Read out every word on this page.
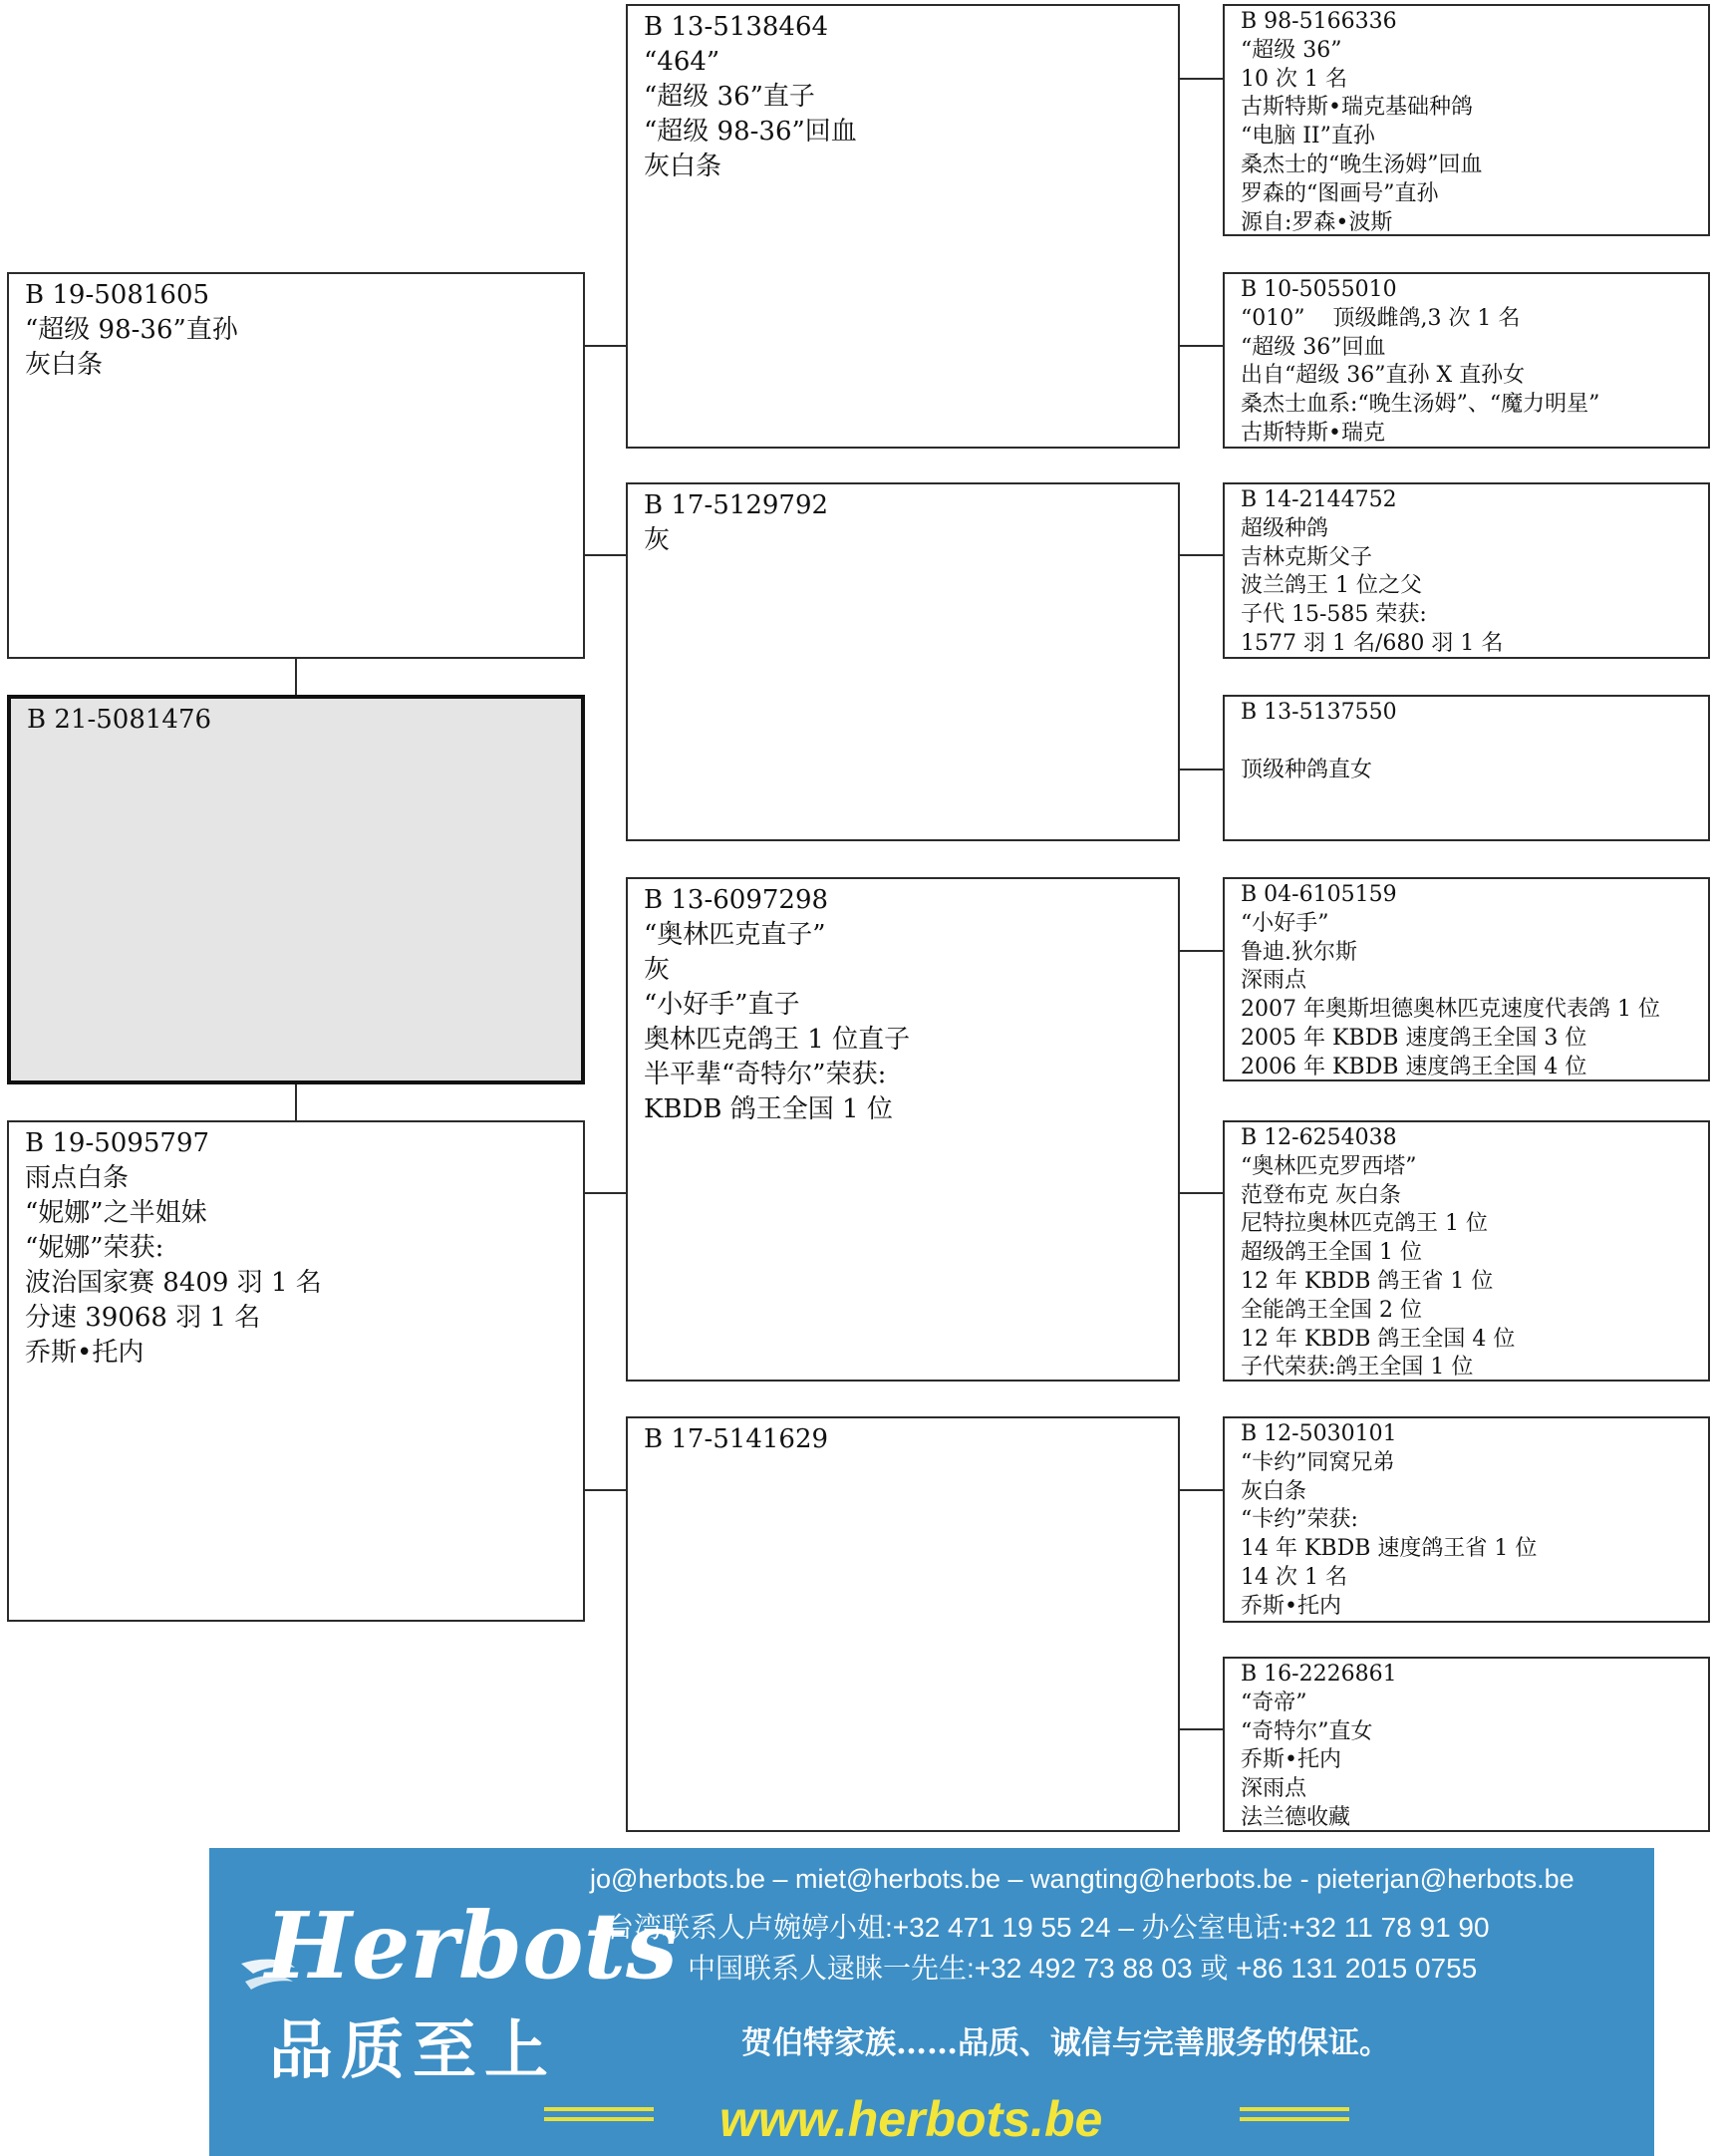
B 21-5081476
B 19-5081605
“超级 98-36”直孙
灰白条
B 19-5095797
雨点白条
“妮娜”之半姐妹
“妮娜”荣获:
波治国家赛 8409 羽 1 名
分速 39068 羽 1 名
乔斯•托内
B 13-5138464
“464”
“超级 36”直子
“超级 98-36”回血
灰白条
B 17-5129792
灰
B 13-6097298
“奥林匹克直子”
灰
“小好手”直子
奥林匹克鸽王 1 位直子
半平辈“奇特尔”荣获:
KBDB 鸽王全国 1 位
B 17-5141629
B 98-5166336
“超级 36”
10 次 1 名
古斯特斯•瑞克基础种鸽
“电脑 II”直孙
桑杰士的“晚生汤姆”回血
罗森的“图画号”直孙
源自:罗森•波斯
B 10-5055010
“010”    顶级雌鸽,3 次 1 名
“超级 36”回血
出自“超级 36”直孙 X 直孙女
桑杰士血系:“晚生汤姆”、“魔力明星”
古斯特斯•瑞克
B 14-2144752
超级种鸽
吉林克斯父子
波兰鸽王 1 位之父
子代 15-585 荣获:
1577 羽 1 名/680 羽 1 名
B 13-5137550

顶级种鸽直女
B 04-6105159
“小好手”
鲁迪.狄尔斯
深雨点
2007 年奥斯坦德奥林匹克速度代表鸽 1 位
2005 年 KBDB 速度鸽王全国 3 位
2006 年 KBDB 速度鸽王全国 4 位
B 12-6254038
“奥林匹克罗西塔”
范登布克 灰白条
尼特拉奥林匹克鸽王 1 位
超级鸽王全国 1 位
12 年 KBDB 鸽王省 1 位
全能鸽王全国 2 位
12 年 KBDB 鸽王全国 4 位
子代荣获:鸽王全国 1 位
B 12-5030101
“卡约”同窝兄弟
灰白条
“卡约”荣获:
14 年 KBDB 速度鸽王省 1 位
14 次 1 名
乔斯•托内
B 16-2226861
“奇帝”
“奇特尔”直女
乔斯•托内
深雨点
法兰德收藏
Herbots
品质至上
jo@herbots.be – miet@herbots.be – wangting@herbots.be - pieterjan@herbots.be
台湾联系人卢婉婷小姐:+32 471 19 55 24 – 办公室电话:+32 11 78 91 90
中国联系人逯睐一先生:+32 492 73 88 03 或 +86 131 2015 0755
贺伯特家族……品质、诚信与完善服务的保证。
www.herbots.be
